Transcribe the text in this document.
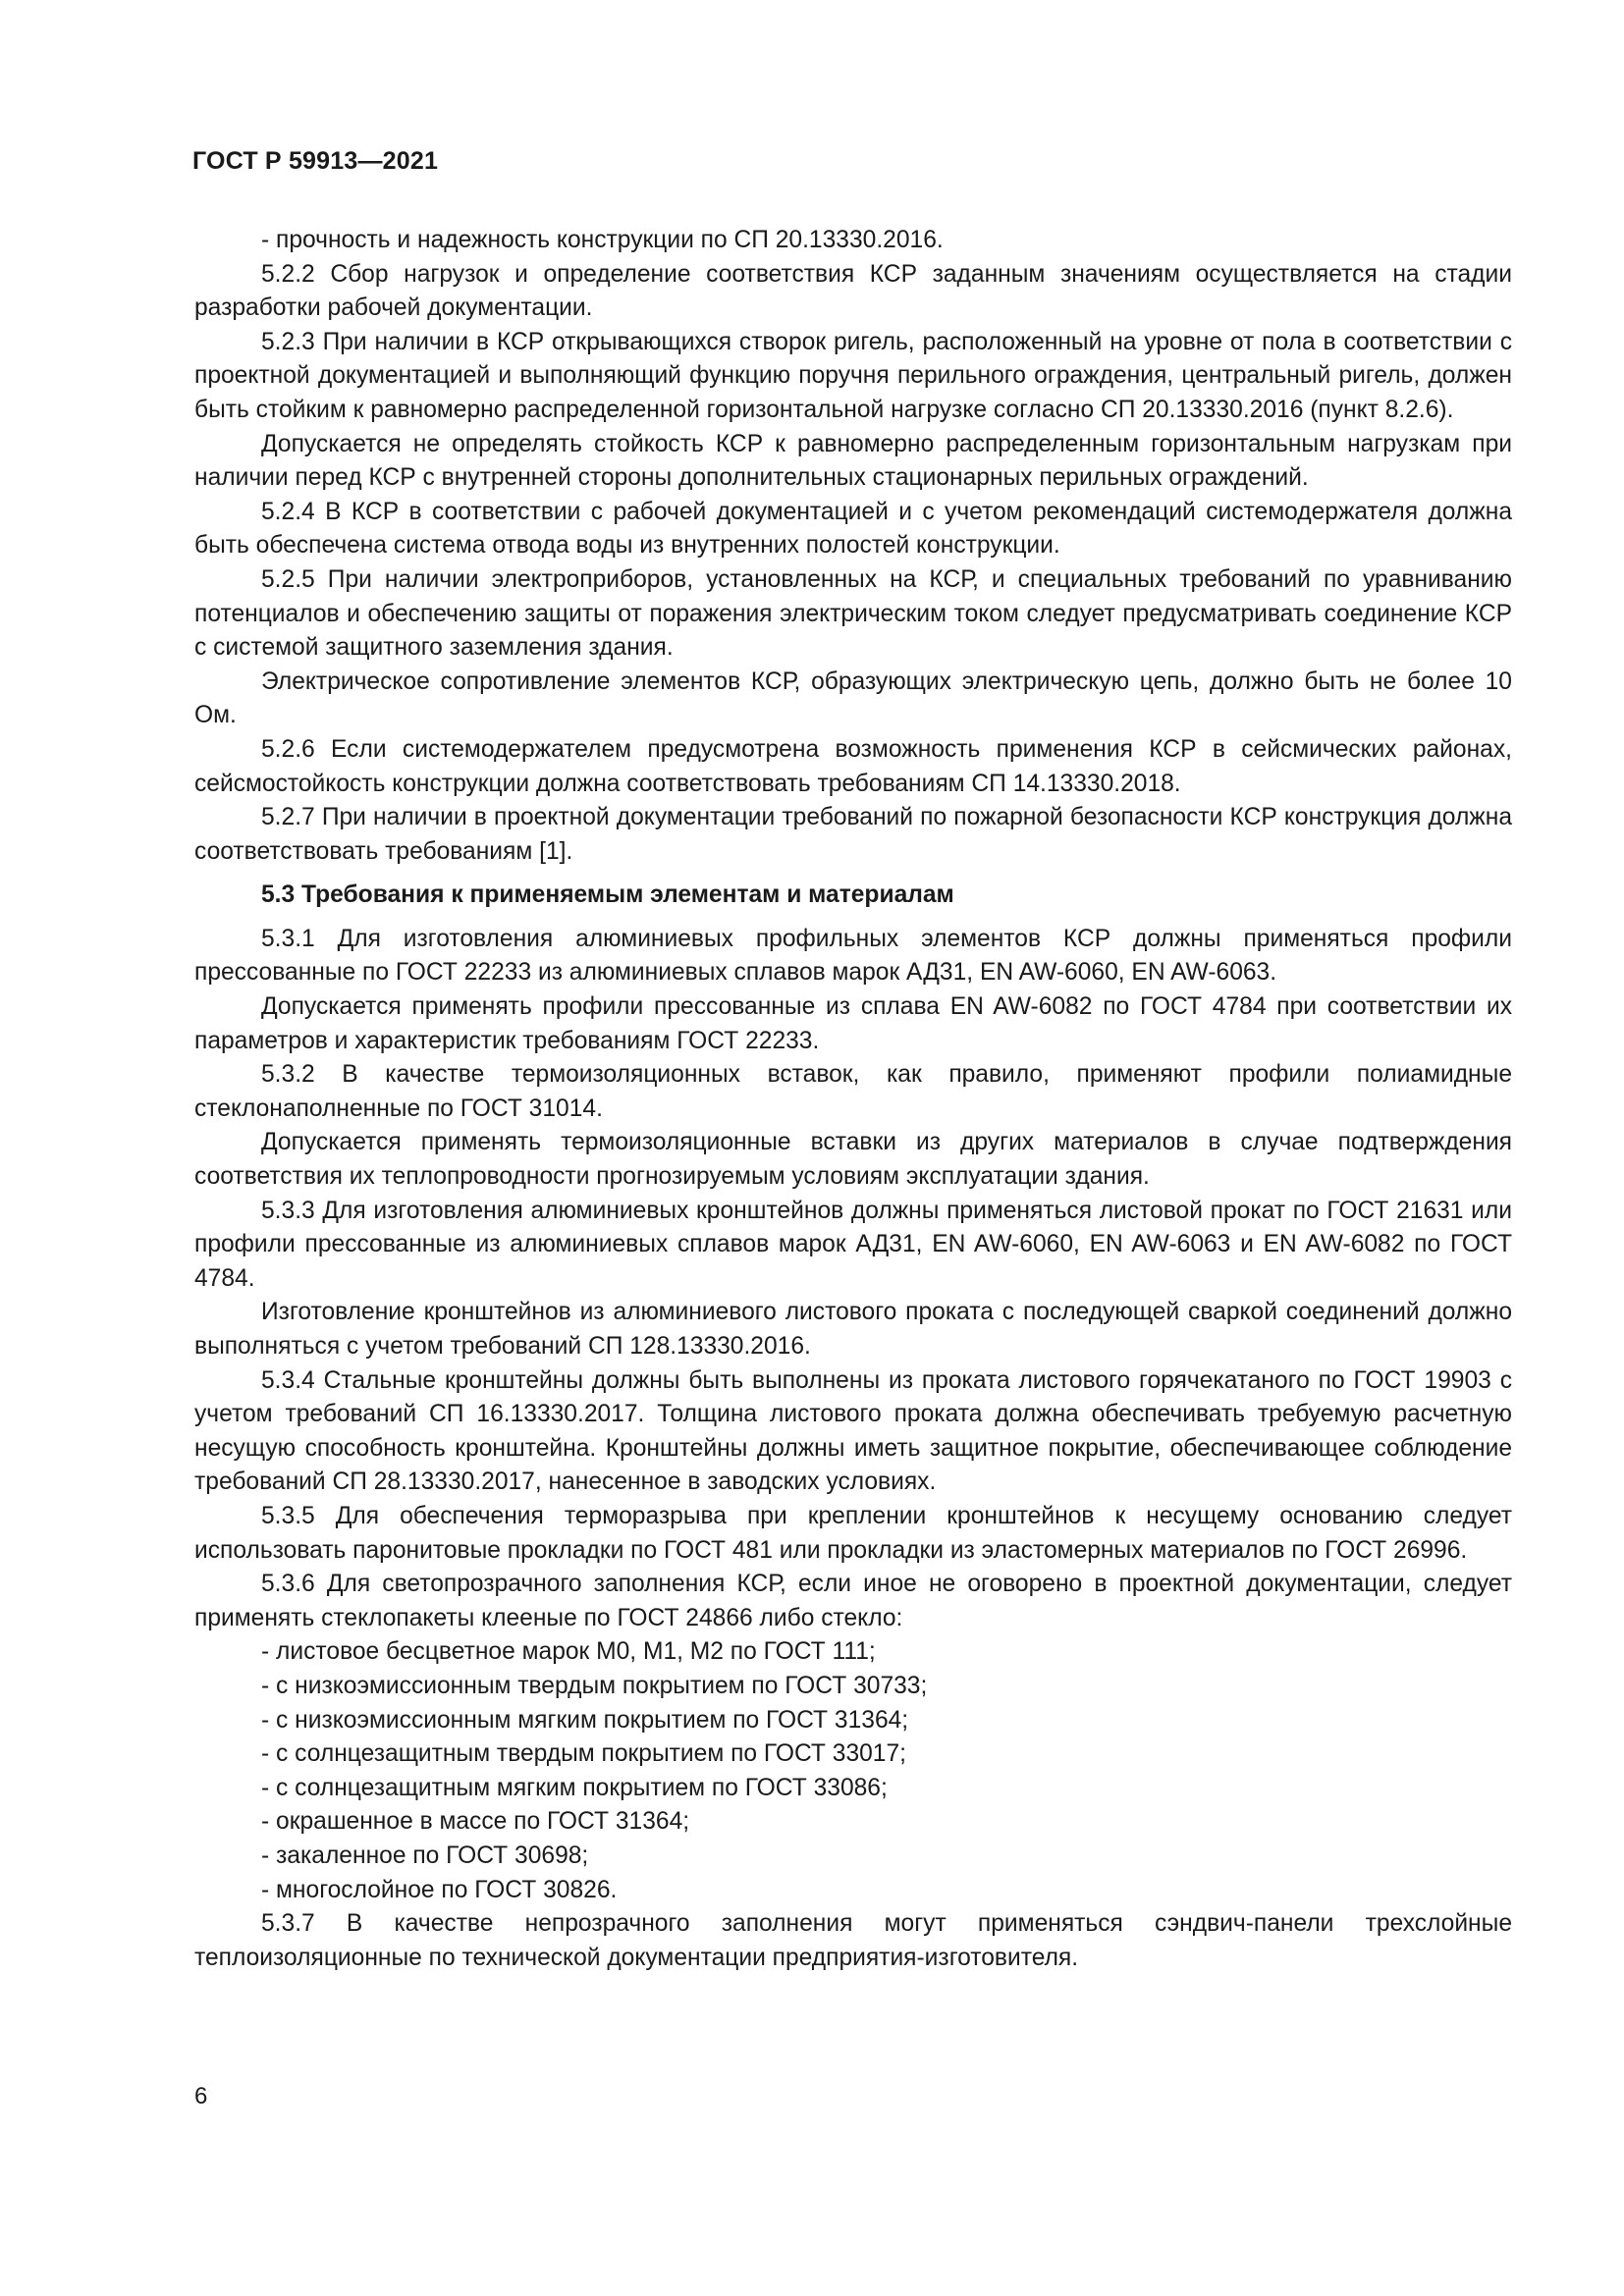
ГОСТ Р 59913—2021

- прочность и надежность конструкции по СП 20.13330.2016.

5.2.2 Сбор нагрузок и определение соответствия КСР заданным значениям осуществляется на стадии разработки рабочей документации.

5.2.3 При наличии в КСР открывающихся створок ригель, расположенный на уровне от пола в соответствии с проектной документацией и выполняющий функцию поручня перильного ограждения, центральный ригель, должен быть стойким к равномерно распределенной горизонтальной нагрузке согласно СП 20.13330.2016 (пункт 8.2.6).

Допускается не определять стойкость КСР к равномерно распределенным горизонтальным нагрузкам при наличии перед КСР с внутренней стороны дополнительных стационарных перильных ограждений.

5.2.4 В КСР в соответствии с рабочей документацией и с учетом рекомендаций системодержателя должна быть обеспечена система отвода воды из внутренних полостей конструкции.

5.2.5 При наличии электроприборов, установленных на КСР, и специальных требований по уравниванию потенциалов и обеспечению защиты от поражения электрическим током следует предусматривать соединение КСР с системой защитного заземления здания.

Электрическое сопротивление элементов КСР, образующих электрическую цепь, должно быть не более 10 Ом.

5.2.6 Если системодержателем предусмотрена возможность применения КСР в сейсмических районах, сейсмостойкость конструкции должна соответствовать требованиям СП 14.13330.2018.

5.2.7 При наличии в проектной документации требований по пожарной безопасности КСР конструкция должна соответствовать требованиям [1].

5.3 Требования к применяемым элементам и материалам

5.3.1 Для изготовления алюминиевых профильных элементов КСР должны применяться профили прессованные по ГОСТ 22233 из алюминиевых сплавов марок АД31, EN AW-6060, EN AW-6063.

Допускается применять профили прессованные из сплава EN AW-6082 по ГОСТ 4784 при соответствии их параметров и характеристик требованиям ГОСТ 22233.

5.3.2 В качестве термоизоляционных вставок, как правило, применяют профили полиамидные стеклонаполненные по ГОСТ 31014.

Допускается применять термоизоляционные вставки из других материалов в случае подтверждения соответствия их теплопроводности прогнозируемым условиям эксплуатации здания.

5.3.3 Для изготовления алюминиевых кронштейнов должны применяться листовой прокат по ГОСТ 21631 или профили прессованные из алюминиевых сплавов марок АД31, EN AW-6060, EN AW-6063 и EN AW-6082 по ГОСТ 4784.

Изготовление кронштейнов из алюминиевого листового проката с последующей сваркой соединений должно выполняться с учетом требований СП 128.13330.2016.

5.3.4 Стальные кронштейны должны быть выполнены из проката листового горячекатаного по ГОСТ 19903 с учетом требований СП 16.13330.2017. Толщина листового проката должна обеспечивать требуемую расчетную несущую способность кронштейна. Кронштейны должны иметь защитное покрытие, обеспечивающее соблюдение требований СП 28.13330.2017, нанесенное в заводских условиях.

5.3.5 Для обеспечения терморазрыва при креплении кронштейнов к несущему основанию следует использовать паронитовые прокладки по ГОСТ 481 или прокладки из эластомерных материалов по ГОСТ 26996.

5.3.6 Для светопрозрачного заполнения КСР, если иное не оговорено в проектной документации, следует применять стеклопакеты клееные по ГОСТ 24866 либо стекло:

- листовое бесцветное марок М0, М1, М2 по ГОСТ 111;

- с низкоэмиссионным твердым покрытием по ГОСТ 30733;

- с низкоэмиссионным мягким покрытием по ГОСТ 31364;

- с солнцезащитным твердым покрытием по ГОСТ 33017;

- с солнцезащитным мягким покрытием по ГОСТ 33086;

- окрашенное в массе по ГОСТ 31364;

- закаленное по ГОСТ 30698;

- многослойное по ГОСТ 30826.

5.3.7 В качестве непрозрачного заполнения могут применяться сэндвич-панели трехслойные теплоизоляционные по технической документации предприятия-изготовителя.

6
